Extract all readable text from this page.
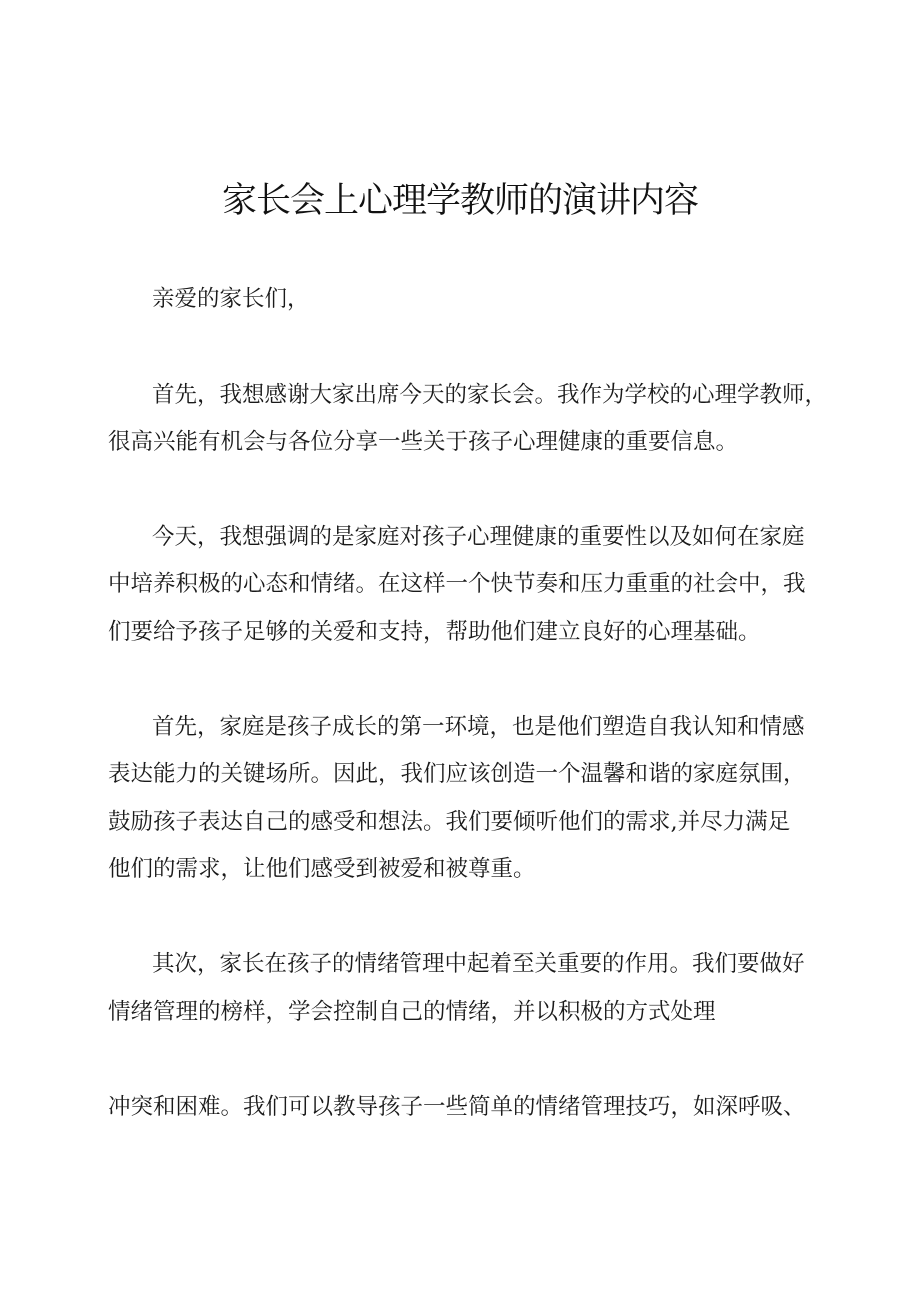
家长会上心理学教师的演讲内容
亲爱的家长们，
首先，我想感谢大家出席今天的家长会。我作为学校的心理学教师，
很高兴能有机会与各位分享一些关于孩子心理健康的重要信息。
今天，我想强调的是家庭对孩子心理健康的重要性以及如何在家庭
中培养积极的心态和情绪。在这样一个快节奏和压力重重的社会中，我
们要给予孩子足够的关爱和支持，帮助他们建立良好的心理基础。
首先，家庭是孩子成长的第一环境，也是他们塑造自我认知和情感
表达能力的关键场所。因此，我们应该创造一个温馨和谐的家庭氛围，
鼓励孩子表达自己的感受和想法。我们要倾听他们的需求,并尽力满足
他们的需求，让他们感受到被爱和被尊重。
其次，家长在孩子的情绪管理中起着至关重要的作用。我们要做好
情绪管理的榜样，学会控制自己的情绪，并以积极的方式处理
冲突和困难。我们可以教导孩子一些简单的情绪管理技巧，如深呼吸、
